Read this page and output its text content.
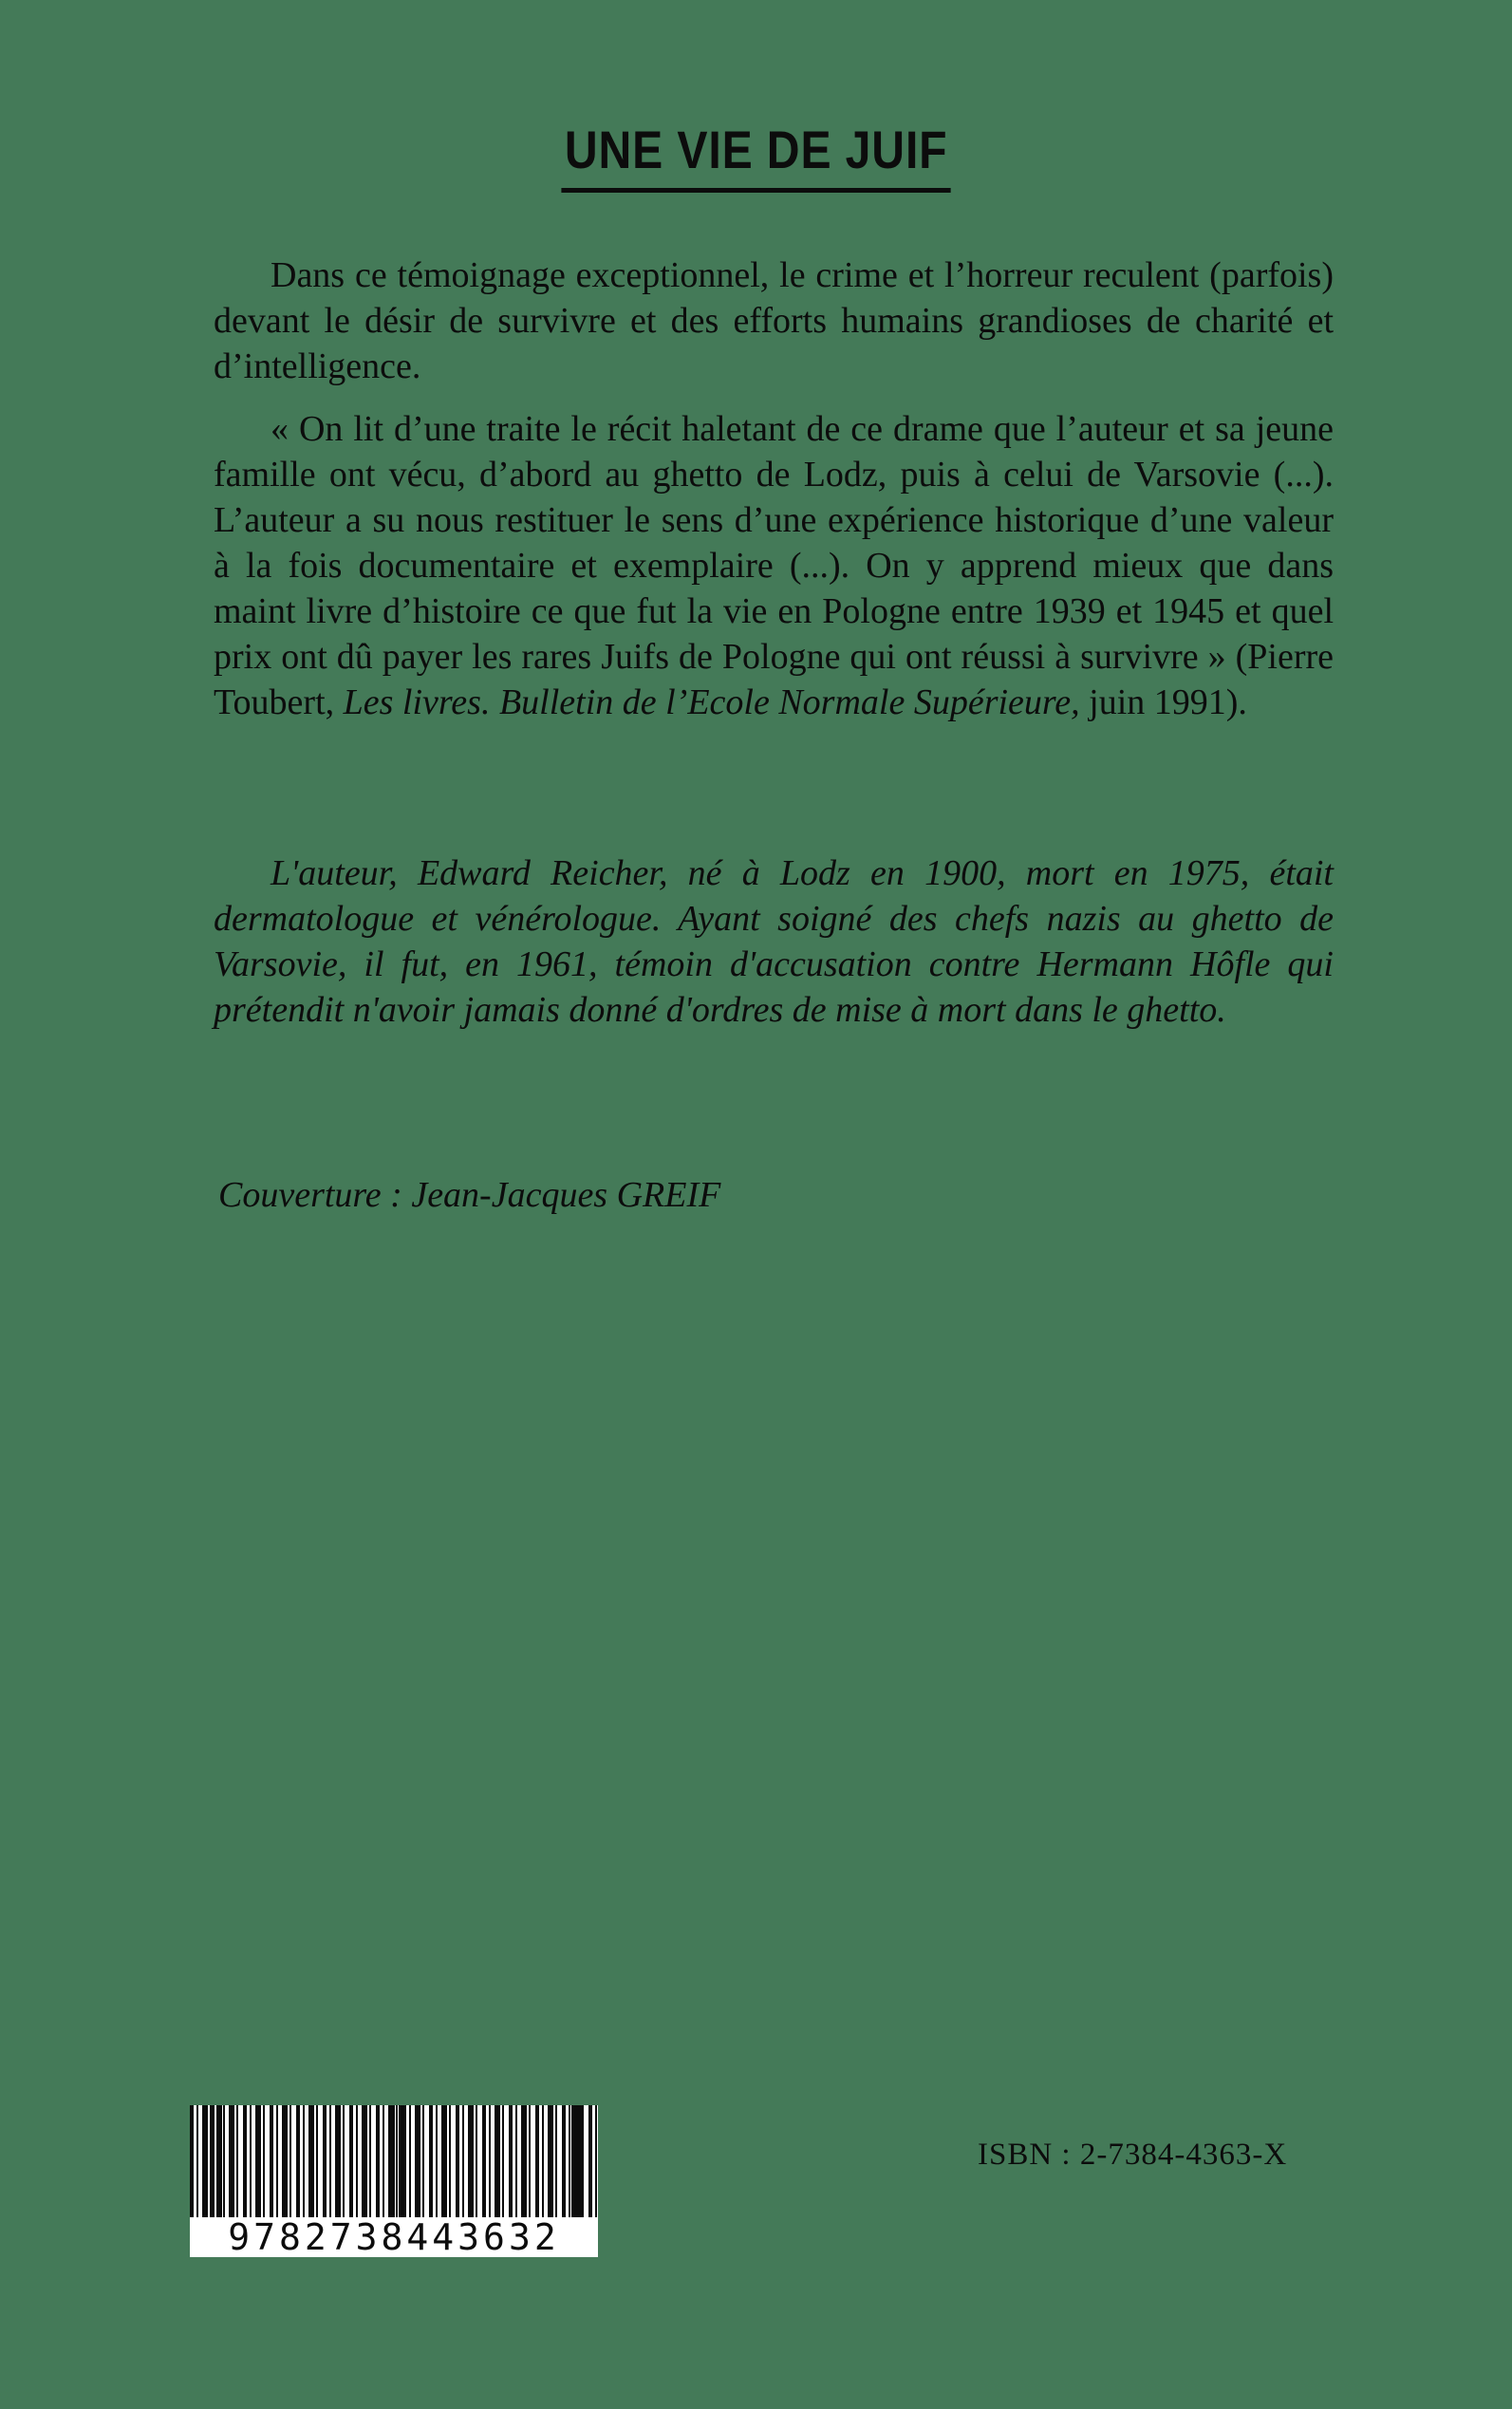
UNE VIE DE JUIF

Dans ce témoignage exceptionnel, le crime et l’horreur reculent (parfois) devant le désir de survivre et des efforts humains grandioses de charité et d’intelligence.

« On lit d’une traite le récit haletant de ce drame que l’auteur et sa jeune famille ont vécu, d’abord au ghetto de Lodz, puis à celui de Varsovie (...). L’auteur a su nous restituer le sens d’une expérience historique d’une valeur à la fois documentaire et exemplaire (...). On y apprend mieux que dans maint livre d’histoire ce que fut la vie en Pologne entre 1939 et 1945 et quel prix ont dû payer les rares Juifs de Pologne qui ont réussi à survivre » (Pierre Toubert, Les livres. Bulletin de l’Ecole Normale Supérieure, juin 1991).

L'auteur, Edward Reicher, né à Lodz en 1900, mort en 1975, était dermatologue et vénérologue. Ayant soigné des chefs nazis au ghetto de Varsovie, il fut, en 1961, témoin d'accusation contre Hermann Hôfle qui prétendit n'avoir jamais donné d'ordres de mise à mort dans le ghetto.

Couverture : Jean-Jacques GREIF

9782738443632

ISBN : 2-7384-4363-X
